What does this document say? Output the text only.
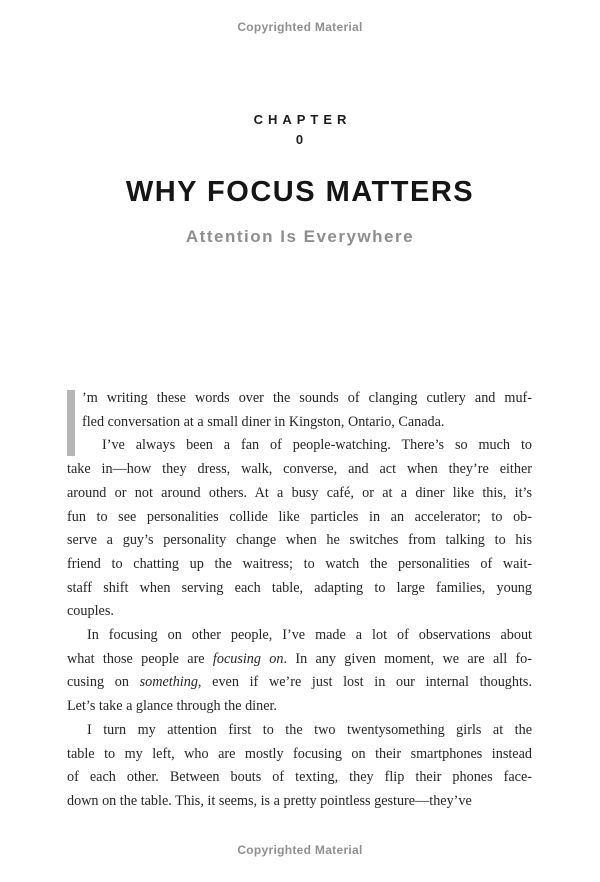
Copyrighted Material
CHAPTER
0
WHY FOCUS MATTERS
Attention Is Everywhere
’m writing these words over the sounds of clanging cutlery and muf-
fled conversation at a small diner in Kingston, Ontario, Canada.
I’ve always been a fan of people-watching. There’s so much to
take in—how they dress, walk, converse, and act when they’re either
around or not around others. At a busy café, or at a diner like this, it’s
fun to see personalities collide like particles in an accelerator; to ob-
serve a guy’s personality change when he switches from talking to his
friend to chatting up the waitress; to watch the personalities of wait-
staff shift when serving each table, adapting to large families, young
couples.
In focusing on other people, I’ve made a lot of observations about
what those people are focusing on. In any given moment, we are all fo-
cusing on something, even if we’re just lost in our internal thoughts.
Let’s take a glance through the diner.
I turn my attention first to the two twentysomething girls at the
table to my left, who are mostly focusing on their smartphones instead
of each other. Between bouts of texting, they flip their phones face-
down on the table. This, it seems, is a pretty pointless gesture—they’ve
Copyrighted Material
